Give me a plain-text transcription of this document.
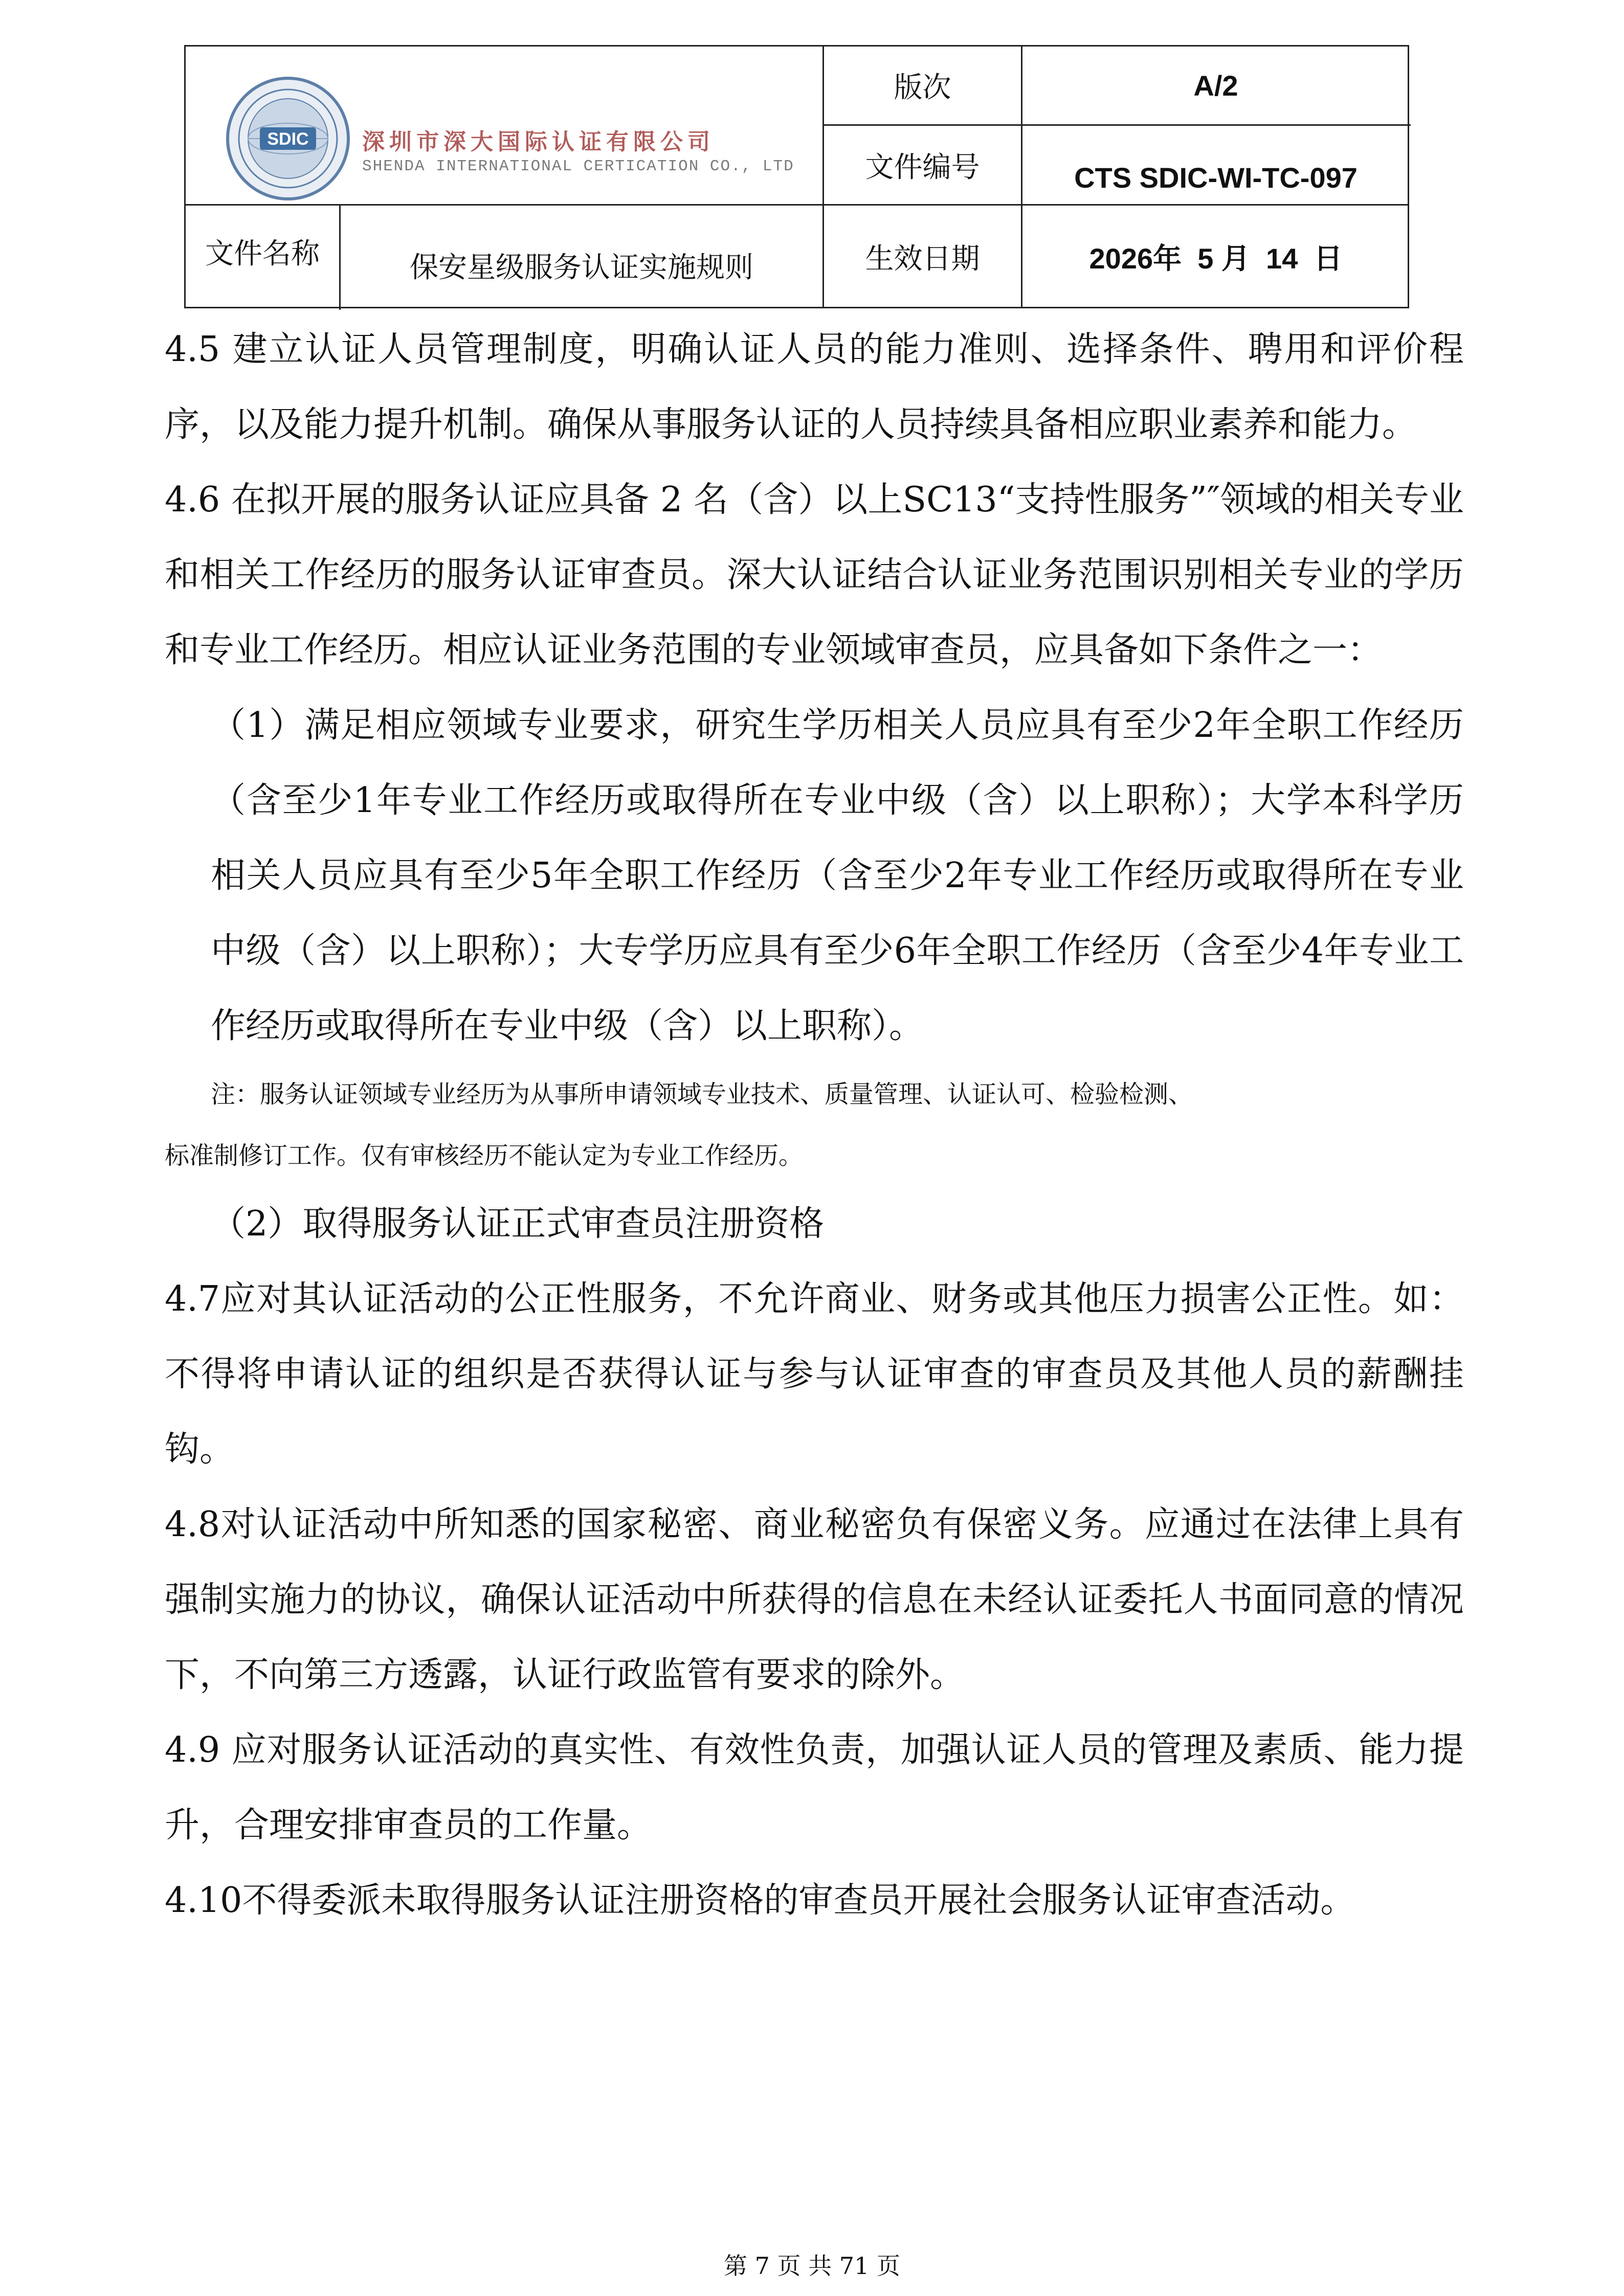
SDIC 深圳市深大国际认证有限公司
SHENDA INTERNATIONAL CERTICATION CO., LTD
版次	A/2
文件编号	CTS SDIC-WI-TC-097
文件名称	保安星级服务认证实施规则	生效日期	2026年  5 月  14  日

4.5 建立认证人员管理制度，明确认证人员的能力准则、选择条件、聘用和评价程序，以及能力提升机制。确保从事服务认证的人员持续具备相应职业素养和能力。

4.6 在拟开展的服务认证应具备 2 名（含）以上SC13“支持性服务”″领域的相关专业和相关工作经历的服务认证审查员。深大认证结合认证业务范围识别相关专业的学历和专业工作经历。相应认证业务范围的专业领域审查员，应具备如下条件之一：

（1）满足相应领域专业要求，研究生学历相关人员应具有至少2年全职工作经历（含至少1年专业工作经历或取得所在专业中级（含）以上职称）；大学本科学历相关人员应具有至少5年全职工作经历（含至少2年专业工作经历或取得所在专业中级（含）以上职称）；大专学历应具有至少6年全职工作经历（含至少4年专业工作经历或取得所在专业中级（含）以上职称）。

注：服务认证领域专业经历为从事所申请领域专业技术、质量管理、认证认可、检验检测、

标准制修订工作。仅有审核经历不能认定为专业工作经历。

（2）取得服务认证正式审查员注册资格

4.7应对其认证活动的公正性服务，不允许商业、财务或其他压力损害公正性。如：不得将申请认证的组织是否获得认证与参与认证审查的审查员及其他人员的薪酬挂钩。

4.8对认证活动中所知悉的国家秘密、商业秘密负有保密义务。应通过在法律上具有强制实施力的协议，确保认证活动中所获得的信息在未经认证委托人书面同意的情况下，不向第三方透露，认证行政监管有要求的除外。

4.9 应对服务认证活动的真实性、有效性负责，加强认证人员的管理及素质、能力提升，合理安排审查员的工作量。

4.10不得委派未取得服务认证注册资格的审查员开展社会服务认证审查活动。

第 7 页 共 71 页
